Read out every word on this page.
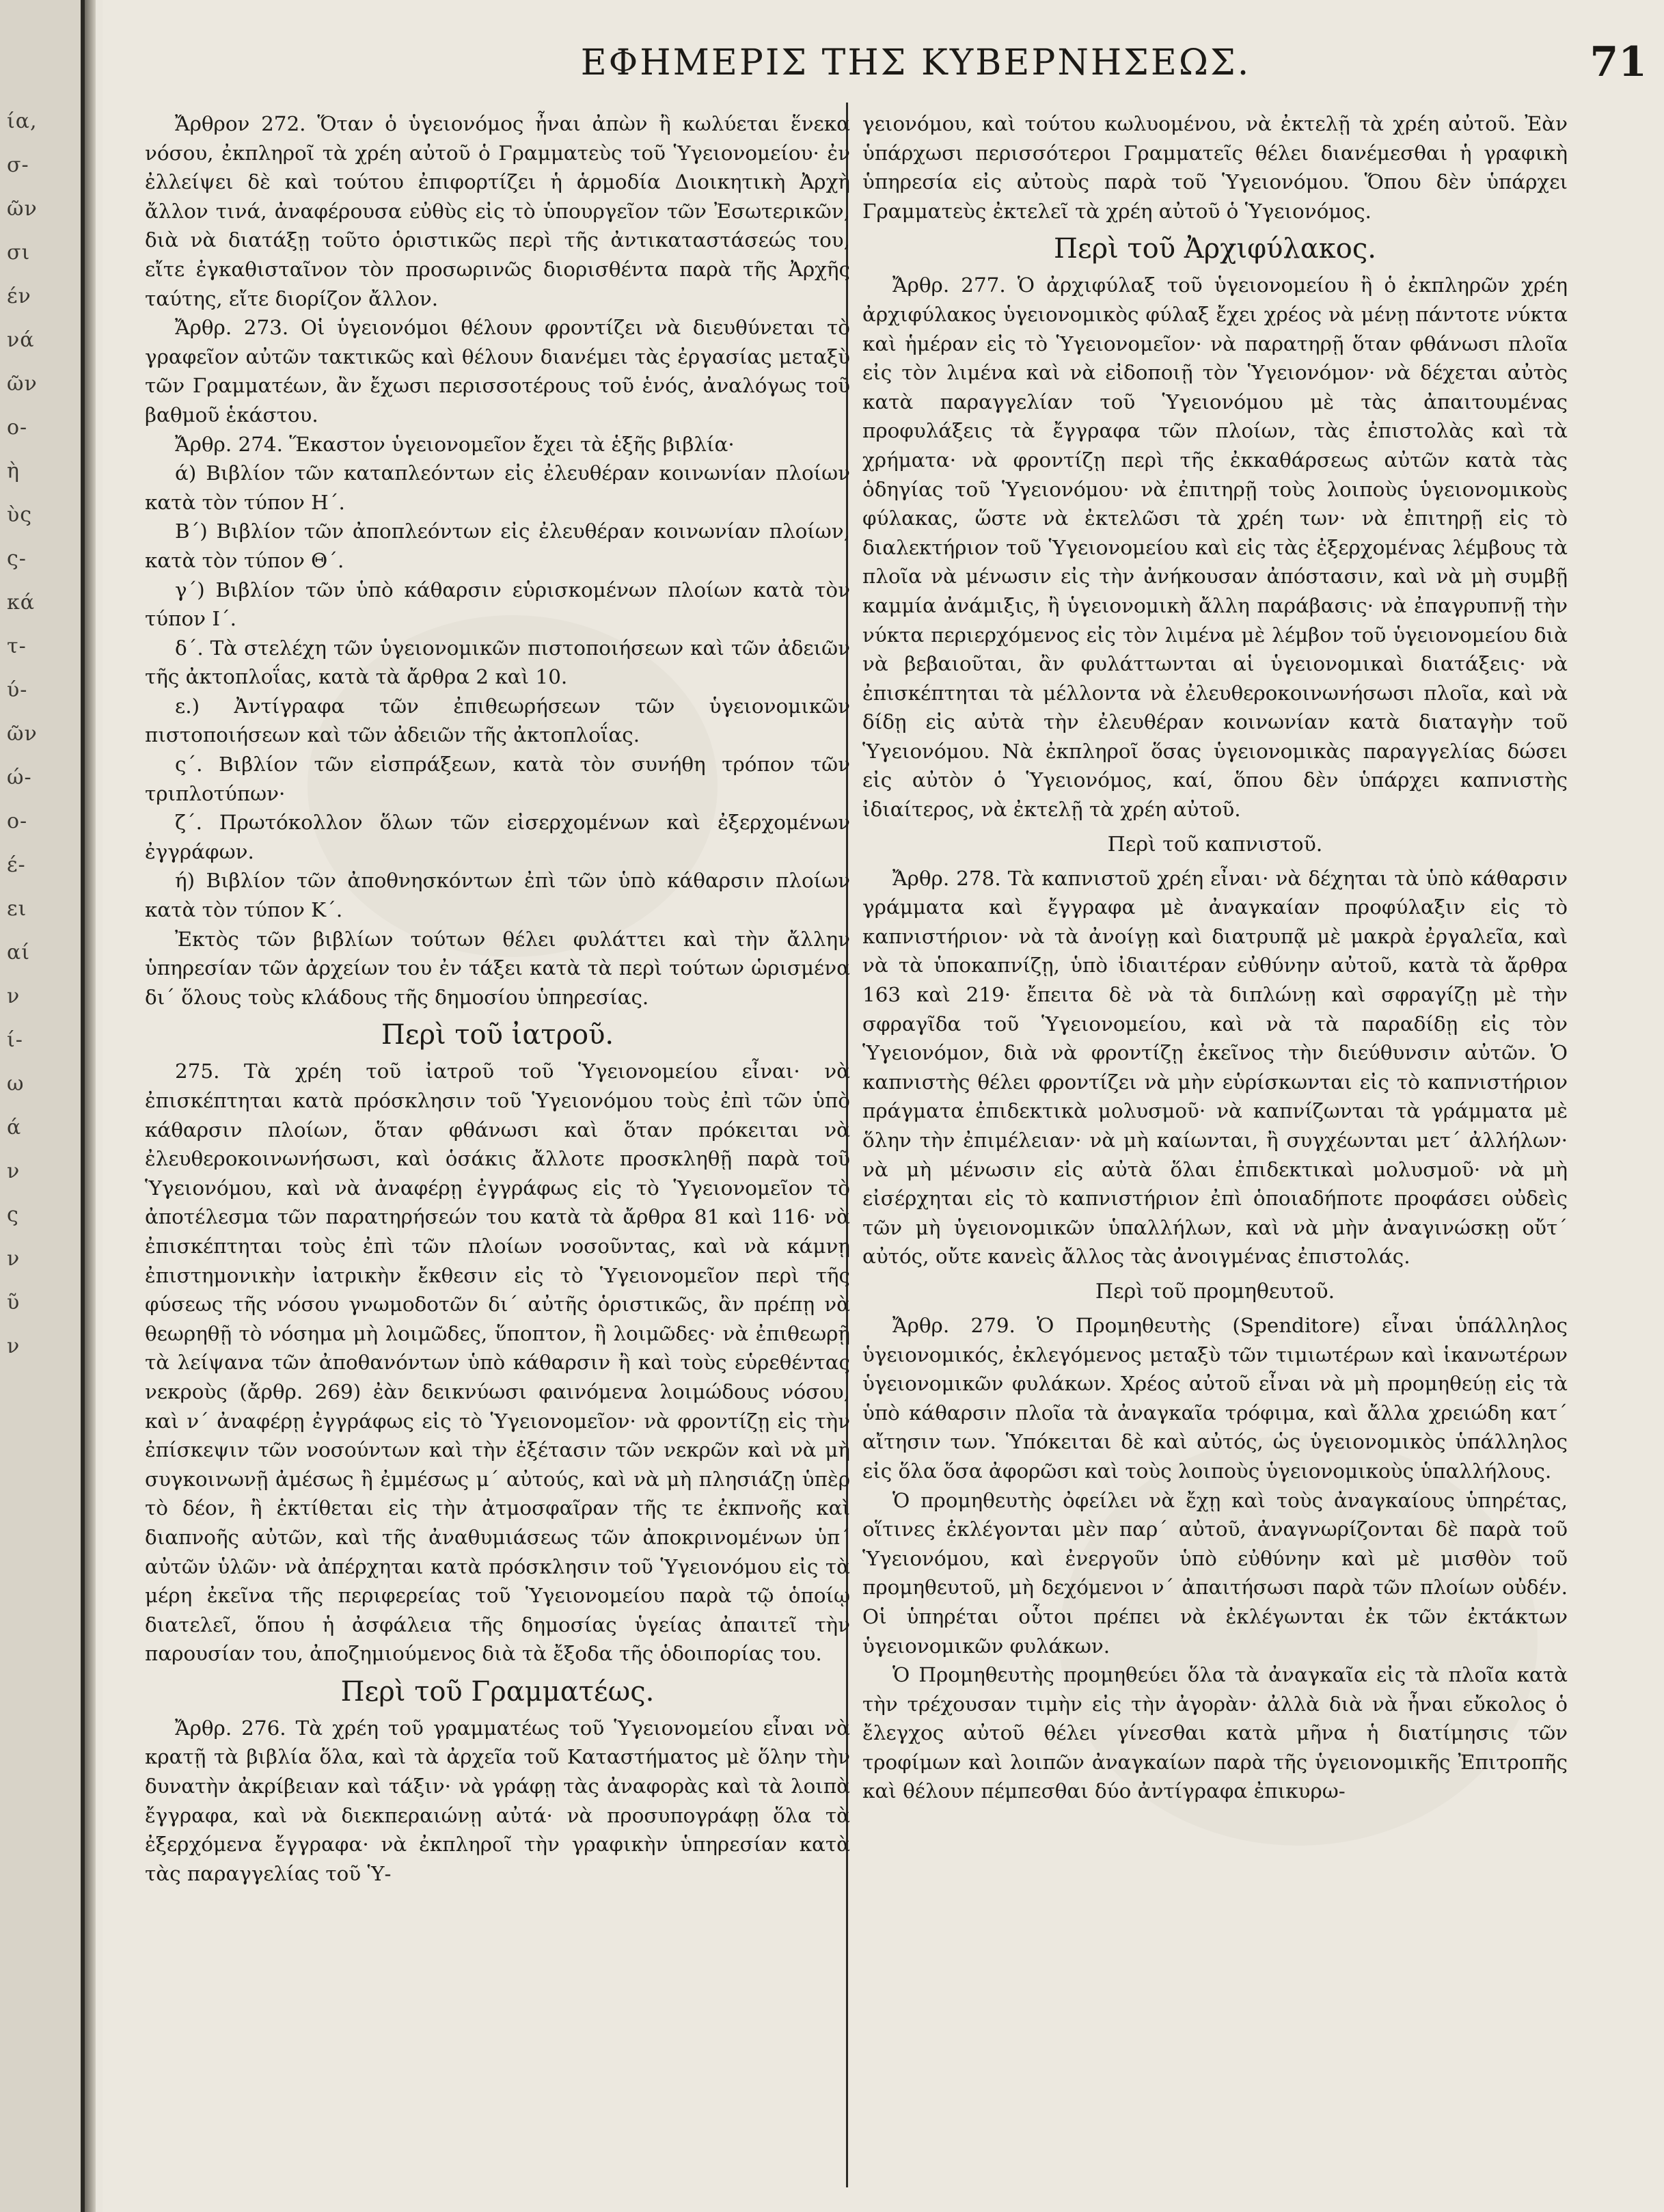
ία,
σ-
ῶν
σι
έν
νά
ῶν
ο-
ὴ
ὺς
ς-
κά
τ-
ύ-
ῶν
ώ-
ο-
έ-
ει
αί
ν
ί-
ω
ά
ν
ς
ν
ῦ
ν
ΕΦΗΜΕΡΙΣ ΤΗΣ ΚΥΒΕΡΝΗΣΕΩΣ.	71

Ἄρθρον 272. Ὅταν ὁ ὑγειονόμος ἦναι ἀπὼν ἢ κωλύεται ἕνεκα νόσου, ἐκπληροῖ τὰ χρέη αὐτοῦ ὁ Γραμματεὺς τοῦ Ὑγειονομείου· ἐν ἐλλείψει δὲ καὶ τούτου ἐπιφορτίζει ἡ ἁρμοδία Διοικητικὴ Ἀρχὴ ἄλλον τινά, ἀναφέρουσα εὐθὺς εἰς τὸ ὑπουργεῖον τῶν Ἐσωτερικῶν, διὰ νὰ διατάξῃ τοῦτο ὁριστικῶς περὶ τῆς ἀντικαταστάσεώς του, εἴτε ἐγκαθισταῖνον τὸν προσωρινῶς διορισθέντα παρὰ τῆς Ἀρχῆς ταύτης, εἴτε διορίζον ἄλλον.

Ἄρθρ. 273. Οἱ ὑγειονόμοι θέλουν φροντίζει νὰ διευθύνεται τὸ γραφεῖον αὐτῶν τακτικῶς καὶ θέλουν διανέμει τὰς ἐργασίας μεταξὺ τῶν Γραμματέων, ἂν ἔχωσι περισσοτέρους τοῦ ἑνός, ἀναλόγως τοῦ βαθμοῦ ἑκάστου.

Ἄρθρ. 274. Ἕκαστον ὑγειονομεῖον ἔχει τὰ ἑξῆς βιβλία·

ά) Βιβλίον τῶν καταπλεόντων εἰς ἐλευθέραν κοινωνίαν πλοίων κατὰ τὸν τύπον Η΄.

Β΄) Βιβλίον τῶν ἀποπλεόντων εἰς ἐλευθέραν κοινωνίαν πλοίων, κατὰ τὸν τύπον Θ΄.

γ΄) Βιβλίον τῶν ὑπὸ κάθαρσιν εὑρισκομένων πλοίων κατὰ τὸν τύπον Ι΄.

δ΄. Τὰ στελέχη τῶν ὑγειονομικῶν πιστοποιήσεων καὶ τῶν ἀδειῶν τῆς ἀκτοπλοΐας, κατὰ τὰ ἄρθρα 2 καὶ 10.

ε.) Ἀντίγραφα τῶν ἐπιθεωρήσεων τῶν ὑγειονομικῶν πιστοποιήσεων καὶ τῶν ἀδειῶν τῆς ἀκτοπλοΐας.

ς΄. Βιβλίον τῶν εἰσπράξεων, κατὰ τὸν συνήθη τρόπον τῶν τριπλοτύπων·

ζ΄. Πρωτόκολλον ὅλων τῶν εἰσερχομένων καὶ ἐξερχομένων ἐγγράφων.

ή) Βιβλίον τῶν ἀποθνησκόντων ἐπὶ τῶν ὑπὸ κάθαρσιν πλοίων κατὰ τὸν τύπον Κ΄.

Ἐκτὸς τῶν βιβλίων τούτων θέλει φυλάττει καὶ τὴν ἄλλην ὑπηρεσίαν τῶν ἀρχείων του ἐν τάξει κατὰ τὰ περὶ τούτων ὡρισμένα δι΄ ὅλους τοὺς κλάδους τῆς δημοσίου ὑπηρεσίας.

Περὶ τοῦ ἰατροῦ.

275. Τὰ χρέη τοῦ ἰατροῦ τοῦ Ὑγειονομείου εἶναι· νὰ ἐπισκέπτηται κατὰ πρόσκλησιν τοῦ Ὑγειονόμου τοὺς ἐπὶ τῶν ὑπὸ κάθαρσιν πλοίων, ὅταν φθάνωσι καὶ ὅταν πρόκειται νὰ ἐλευθεροκοινωνήσωσι, καὶ ὁσάκις ἄλλοτε προσκληθῇ παρὰ τοῦ Ὑγειονόμου, καὶ νὰ ἀναφέρῃ ἐγγράφως εἰς τὸ Ὑγειονομεῖον τὸ ἀποτέλεσμα τῶν παρατηρήσεών του κατὰ τὰ ἄρθρα 81 καὶ 116· νὰ ἐπισκέπτηται τοὺς ἐπὶ τῶν πλοίων νοσοῦντας, καὶ νὰ κάμνῃ ἐπιστημονικὴν ἰατρικὴν ἔκθεσιν εἰς τὸ Ὑγειονομεῖον περὶ τῆς φύσεως τῆς νόσου γνωμοδοτῶν δι΄ αὐτῆς ὁριστικῶς, ἂν πρέπῃ νὰ θεωρηθῇ τὸ νόσημα μὴ λοιμῶδες, ὕποπτον, ἢ λοιμῶδες· νὰ ἐπιθεωρῇ τὰ λείψανα τῶν ἀποθανόντων ὑπὸ κάθαρσιν ἢ καὶ τοὺς εὑρεθέντας νεκροὺς (ἄρθρ. 269) ἐὰν δεικνύωσι φαινόμενα λοιμώδους νόσου, καὶ ν΄ ἀναφέρῃ ἐγγράφως εἰς τὸ Ὑγειονομεῖον· νὰ φροντίζῃ εἰς τὴν ἐπίσκεψιν τῶν νοσούντων καὶ τὴν ἐξέτασιν τῶν νεκρῶν καὶ νὰ μὴ συγκοινωνῇ ἀμέσως ἢ ἐμμέσως μ΄ αὐτούς, καὶ νὰ μὴ πλησιάζῃ ὑπὲρ τὸ δέον, ἢ ἐκτίθεται εἰς τὴν ἀτμοσφαῖραν τῆς τε ἐκπνοῆς καὶ διαπνοῆς αὐτῶν, καὶ τῆς ἀναθυμιάσεως τῶν ἀποκρινομένων ὑπ΄ αὐτῶν ὑλῶν· νὰ ἀπέρχηται κατὰ πρόσκλησιν τοῦ Ὑγειονόμου εἰς τὰ μέρη ἐκεῖνα τῆς περιφερείας τοῦ Ὑγειονομείου παρὰ τῷ ὁποίῳ διατελεῖ, ὅπου ἡ ἀσφάλεια τῆς δημοσίας ὑγείας ἀπαιτεῖ τὴν παρουσίαν του, ἀποζημιούμενος διὰ τὰ ἔξοδα τῆς ὁδοιπορίας του.

Περὶ τοῦ Γραμματέως.

Ἄρθρ. 276. Τὰ χρέη τοῦ γραμματέως τοῦ Ὑγειονομείου εἶναι νὰ κρατῇ τὰ βιβλία ὅλα, καὶ τὰ ἀρχεῖα τοῦ Καταστήματος μὲ ὅλην τὴν δυνατὴν ἀκρίβειαν καὶ τάξιν· νὰ γράφῃ τὰς ἀναφορὰς καὶ τὰ λοιπὰ ἔγγραφα, καὶ νὰ διεκπεραιώνῃ αὐτά· νὰ προσυπογράφῃ ὅλα τὰ ἐξερχόμενα ἔγγραφα· νὰ ἐκπληροῖ τὴν γραφικὴν ὑπηρεσίαν κατὰ τὰς παραγγελίας τοῦ Ὑ-

γειονόμου, καὶ τούτου κωλυομένου, νὰ ἐκτελῇ τὰ χρέη αὐτοῦ. Ἐὰν ὑπάρχωσι περισσότεροι Γραμματεῖς θέλει διανέμεσθαι ἡ γραφικὴ ὑπηρεσία εἰς αὐτοὺς παρὰ τοῦ Ὑγειονόμου. Ὅπου δὲν ὑπάρχει Γραμματεὺς ἐκτελεῖ τὰ χρέη αὐτοῦ ὁ Ὑγειονόμος.

Περὶ τοῦ Ἀρχιφύλακος.

Ἄρθρ. 277. Ὁ ἀρχιφύλαξ τοῦ ὑγειονομείου ἢ ὁ ἐκπληρῶν χρέη ἀρχιφύλακος ὑγειονομικὸς φύλαξ ἔχει χρέος νὰ μένῃ πάντοτε νύκτα καὶ ἡμέραν εἰς τὸ Ὑγειονομεῖον· νὰ παρατηρῇ ὅταν φθάνωσι πλοῖα εἰς τὸν λιμένα καὶ νὰ εἰδοποιῇ τὸν Ὑγειονόμον· νὰ δέχεται αὐτὸς κατὰ παραγγελίαν τοῦ Ὑγειονόμου μὲ τὰς ἀπαιτουμένας προφυλάξεις τὰ ἔγγραφα τῶν πλοίων, τὰς ἐπιστολὰς καὶ τὰ χρήματα· νὰ φροντίζῃ περὶ τῆς ἐκκαθάρσεως αὐτῶν κατὰ τὰς ὁδηγίας τοῦ Ὑγειονόμου· νὰ ἐπιτηρῇ τοὺς λοιποὺς ὑγειονομικοὺς φύλακας, ὥστε νὰ ἐκτελῶσι τὰ χρέη των· νὰ ἐπιτηρῇ εἰς τὸ διαλεκτήριον τοῦ Ὑγειονομείου καὶ εἰς τὰς ἐξερχομένας λέμβους τὰ πλοῖα νὰ μένωσιν εἰς τὴν ἀνήκουσαν ἀπόστασιν, καὶ νὰ μὴ συμβῇ καμμία ἀνάμιξις, ἢ ὑγειονομικὴ ἄλλη παράβασις· νὰ ἐπαγρυπνῇ τὴν νύκτα περιερχόμενος εἰς τὸν λιμένα μὲ λέμβον τοῦ ὑγειονομείου διὰ νὰ βεβαιοῦται, ἂν φυλάττωνται αἱ ὑγειονομικαὶ διατάξεις· νὰ ἐπισκέπτηται τὰ μέλλοντα νὰ ἐλευθεροκοινωνήσωσι πλοῖα, καὶ νὰ δίδῃ εἰς αὐτὰ τὴν ἐλευθέραν κοινωνίαν κατὰ διαταγὴν τοῦ Ὑγειονόμου. Νὰ ἐκπληροῖ ὅσας ὑγειονομικὰς παραγγελίας δώσει εἰς αὐτὸν ὁ Ὑγειονόμος, καί, ὅπου δὲν ὑπάρχει καπνιστὴς ἰδιαίτερος, νὰ ἐκτελῇ τὰ χρέη αὐτοῦ.

Περὶ τοῦ καπνιστοῦ.

Ἄρθρ. 278. Τὰ καπνιστοῦ χρέη εἶναι· νὰ δέχηται τὰ ὑπὸ κάθαρσιν γράμματα καὶ ἔγγραφα μὲ ἀναγκαίαν προφύλαξιν εἰς τὸ καπνιστήριον· νὰ τὰ ἀνοίγῃ καὶ διατρυπᾷ μὲ μακρὰ ἐργαλεῖα, καὶ νὰ τὰ ὑποκαπνίζῃ, ὑπὸ ἰδιαιτέραν εὐθύνην αὐτοῦ, κατὰ τὰ ἄρθρα 163 καὶ 219· ἔπειτα δὲ νὰ τὰ διπλώνῃ καὶ σφραγίζῃ μὲ τὴν σφραγῖδα τοῦ Ὑγειονομείου, καὶ νὰ τὰ παραδίδῃ εἰς τὸν Ὑγειονόμον, διὰ νὰ φροντίζῃ ἐκεῖνος τὴν διεύθυνσιν αὐτῶν. Ὁ καπνιστὴς θέλει φροντίζει νὰ μὴν εὑρίσκωνται εἰς τὸ καπνιστήριον πράγματα ἐπιδεκτικὰ μολυσμοῦ· νὰ καπνίζωνται τὰ γράμματα μὲ ὅλην τὴν ἐπιμέλειαν· νὰ μὴ καίωνται, ἢ συγχέωνται μετ΄ ἀλλήλων· νὰ μὴ μένωσιν εἰς αὐτὰ ὅλαι ἐπιδεκτικαὶ μολυσμοῦ· νὰ μὴ εἰσέρχηται εἰς τὸ καπνιστήριον ἐπὶ ὁποιαδήποτε προφάσει οὐδεὶς τῶν μὴ ὑγειονομικῶν ὑπαλλήλων, καὶ νὰ μὴν ἀναγινώσκῃ οὔτ΄ αὐτός, οὔτε κανεὶς ἄλλος τὰς ἀνοιγμένας ἐπιστολάς.

Περὶ τοῦ προμηθευτοῦ.

Ἄρθρ. 279. Ὁ Προμηθευτὴς (Spenditore) εἶναι ὑπάλληλος ὑγειονομικός, ἐκλεγόμενος μεταξὺ τῶν τιμιωτέρων καὶ ἱκανωτέρων ὑγειονομικῶν φυλάκων. Χρέος αὐτοῦ εἶναι νὰ μὴ προμηθεύῃ εἰς τὰ ὑπὸ κάθαρσιν πλοῖα τὰ ἀναγκαῖα τρόφιμα, καὶ ἄλλα χρειώδη κατ΄ αἴτησιν των. Ὑπόκειται δὲ καὶ αὐτός, ὡς ὑγειονομικὸς ὑπάλληλος εἰς ὅλα ὅσα ἀφορῶσι καὶ τοὺς λοιποὺς ὑγειονομικοὺς ὑπαλλήλους.

Ὁ προμηθευτὴς ὀφείλει νὰ ἔχῃ καὶ τοὺς ἀναγκαίους ὑπηρέτας, οἵτινες ἐκλέγονται μὲν παρ΄ αὐτοῦ, ἀναγνωρίζονται δὲ παρὰ τοῦ Ὑγειονόμου, καὶ ἐνεργοῦν ὑπὸ εὐθύνην καὶ μὲ μισθὸν τοῦ προμηθευτοῦ, μὴ δεχόμενοι ν΄ ἀπαιτήσωσι παρὰ τῶν πλοίων οὐδέν. Οἱ ὑπηρέται οὗτοι πρέπει νὰ ἐκλέγωνται ἐκ τῶν ἐκτάκτων ὑγειονομικῶν φυλάκων.

Ὁ Προμηθευτὴς προμηθεύει ὅλα τὰ ἀναγκαῖα εἰς τὰ πλοῖα κατὰ τὴν τρέχουσαν τιμὴν εἰς τὴν ἀγορὰν· ἀλλὰ διὰ νὰ ἦναι εὔκολος ὁ ἔλεγχος αὐτοῦ θέλει γίνεσθαι κατὰ μῆνα ἡ διατίμησις τῶν τροφίμων καὶ λοιπῶν ἀναγκαίων παρὰ τῆς ὑγειονομικῆς Ἐπιτροπῆς καὶ θέλουν πέμπεσθαι δύο ἀντίγραφα ἐπικυρω-
